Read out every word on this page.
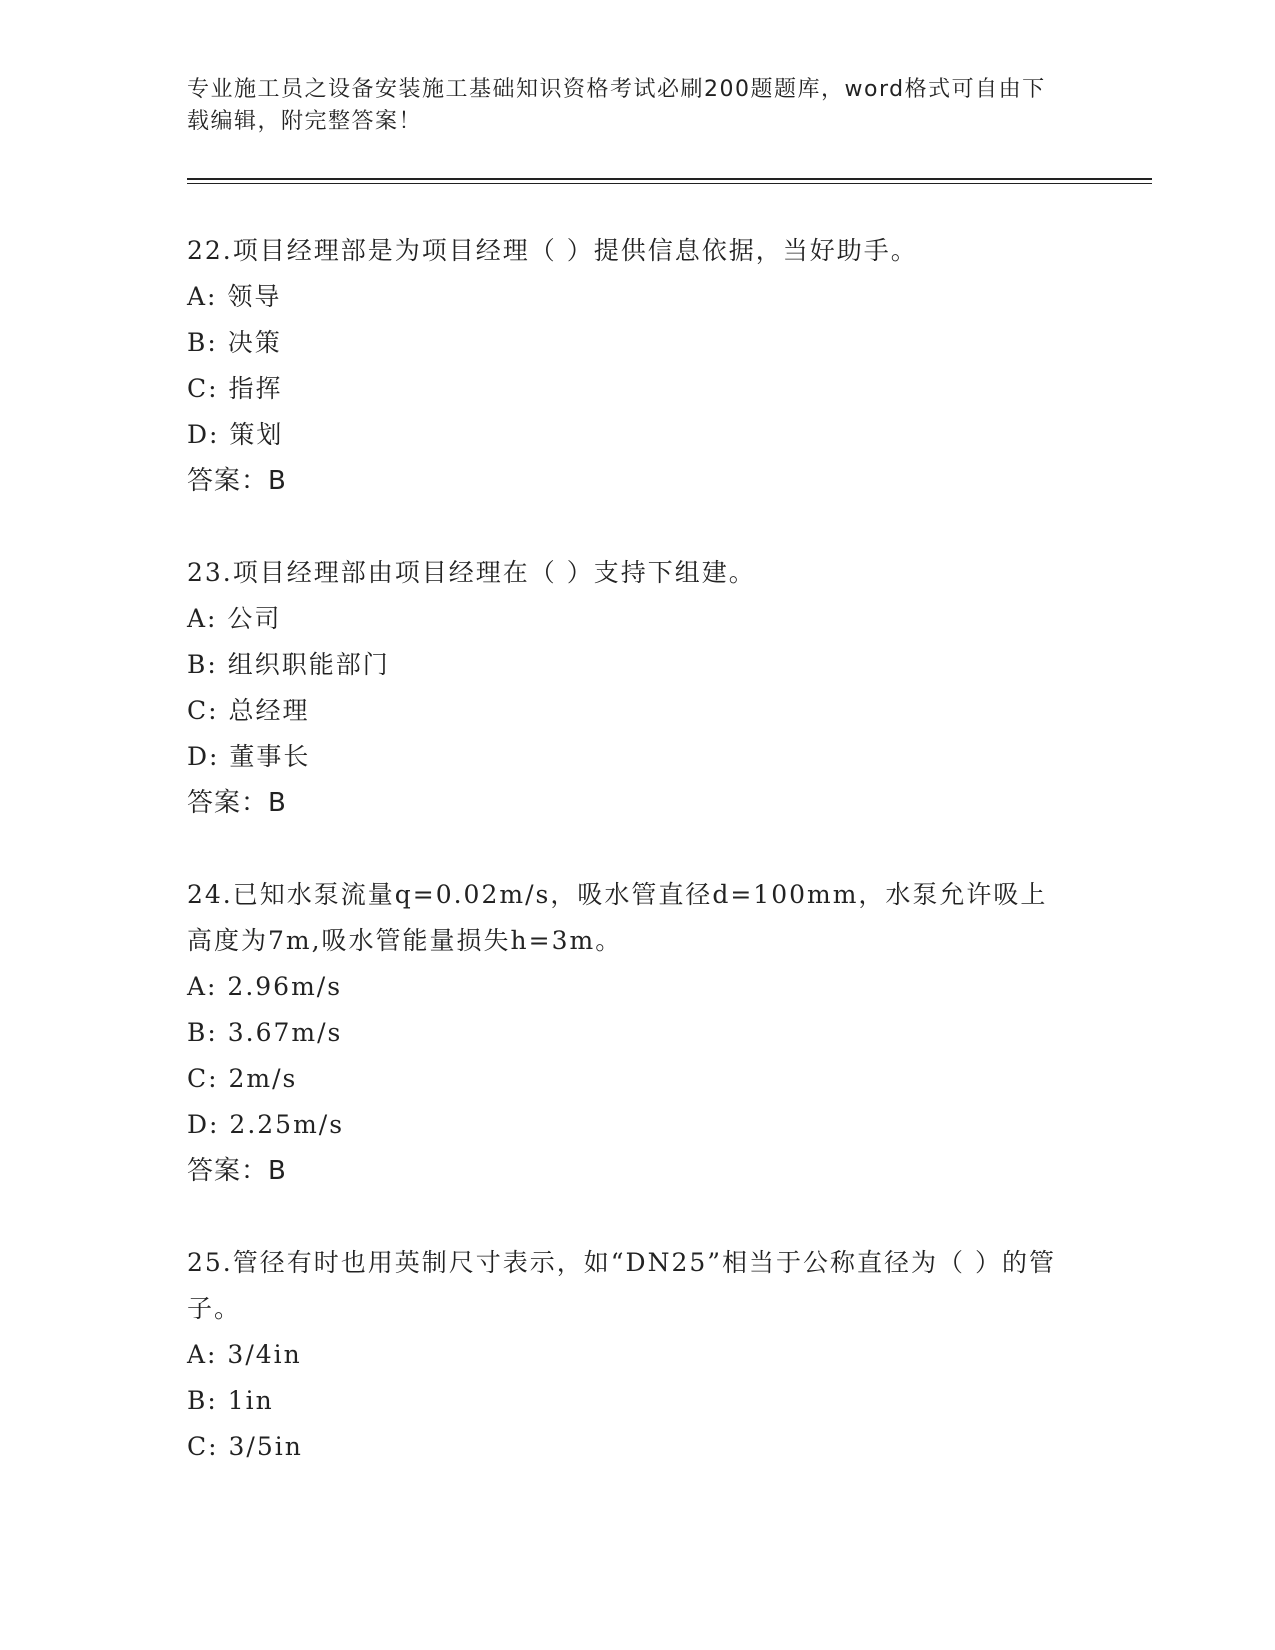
专业施工员之设备安装施工基础知识资格考试必刷200题题库，word格式可自由下载编辑，附完整答案！

22.项目经理部是为项目经理（ ）提供信息依据，当好助手。

A: 领导

B: 决策

C: 指挥

D: 策划

答案：B

23.项目经理部由项目经理在（ ）支持下组建。

A: 公司

B: 组织职能部门

C: 总经理

D: 董事长

答案：B

24.已知水泵流量q=0.02m/s，吸水管直径d=100mm，水泵允许吸上高度为7m,吸水管能量损失h=3m。

A: 2.96m/s

B: 3.67m/s

C: 2m/s

D: 2.25m/s

答案：B

25.管径有时也用英制尺寸表示，如“DN25”相当于公称直径为（ ）的管子。

A: 3/4in

B: 1in

C: 3/5in
